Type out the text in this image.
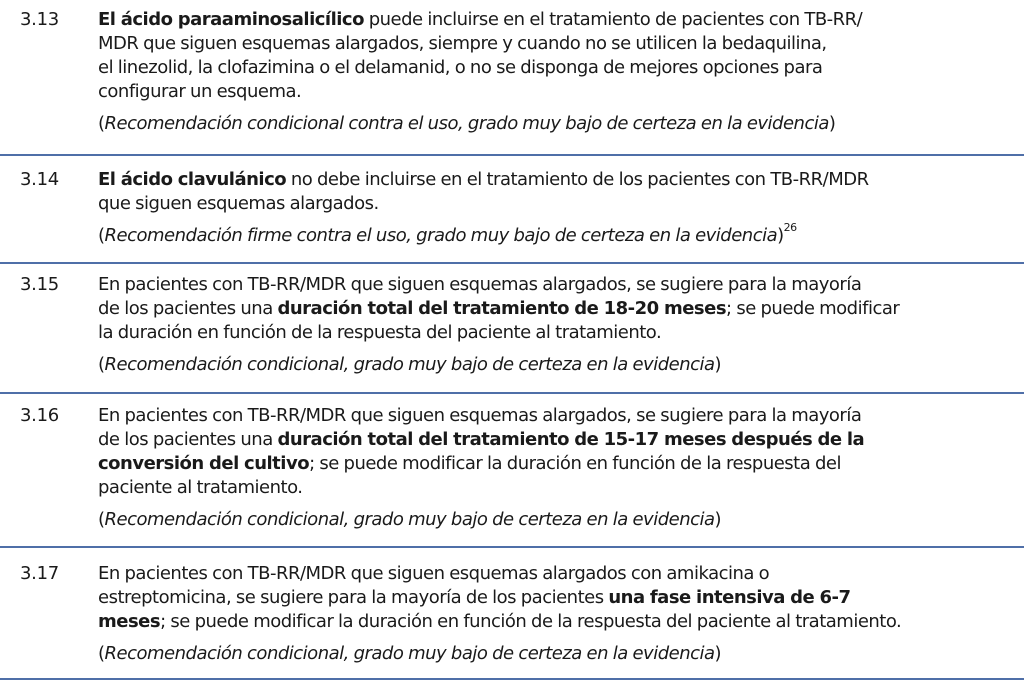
3.13 El ácido paraaminosalicílico puede incluirse en el tratamiento de pacientes con TB-RR/
MDR que siguen esquemas alargados, siempre y cuando no se utilicen la bedaquilina,
el linezolid, la clofazimina o el delamanid, o no se disponga de mejores opciones para
configurar un esquema.

(Recomendación condicional contra el uso, grado muy bajo de certeza en la evidencia)

3.14 El ácido clavulánico no debe incluirse en el tratamiento de los pacientes con TB-RR/MDR
que siguen esquemas alargados.

(Recomendación firme contra el uso, grado muy bajo de certeza en la evidencia)$^{26}$

3.15 En pacientes con TB-RR/MDR que siguen esquemas alargados, se sugiere para la mayoría
de los pacientes una duración total del tratamiento de 18-20 meses; se puede modificar
la duración en función de la respuesta del paciente al tratamiento.

(Recomendación condicional, grado muy bajo de certeza en la evidencia)

3.16 En pacientes con TB-RR/MDR que siguen esquemas alargados, se sugiere para la mayoría
de los pacientes una duración total del tratamiento de 15-17 meses después de la
conversión del cultivo; se puede modificar la duración en función de la respuesta del
paciente al tratamiento.

(Recomendación condicional, grado muy bajo de certeza en la evidencia)

3.17 En pacientes con TB-RR/MDR que siguen esquemas alargados con amikacina o
estreptomicina, se sugiere para la mayoría de los pacientes una fase intensiva de 6-7
meses; se puede modificar la duración en función de la respuesta del paciente al tratamiento.

(Recomendación condicional, grado muy bajo de certeza en la evidencia)
